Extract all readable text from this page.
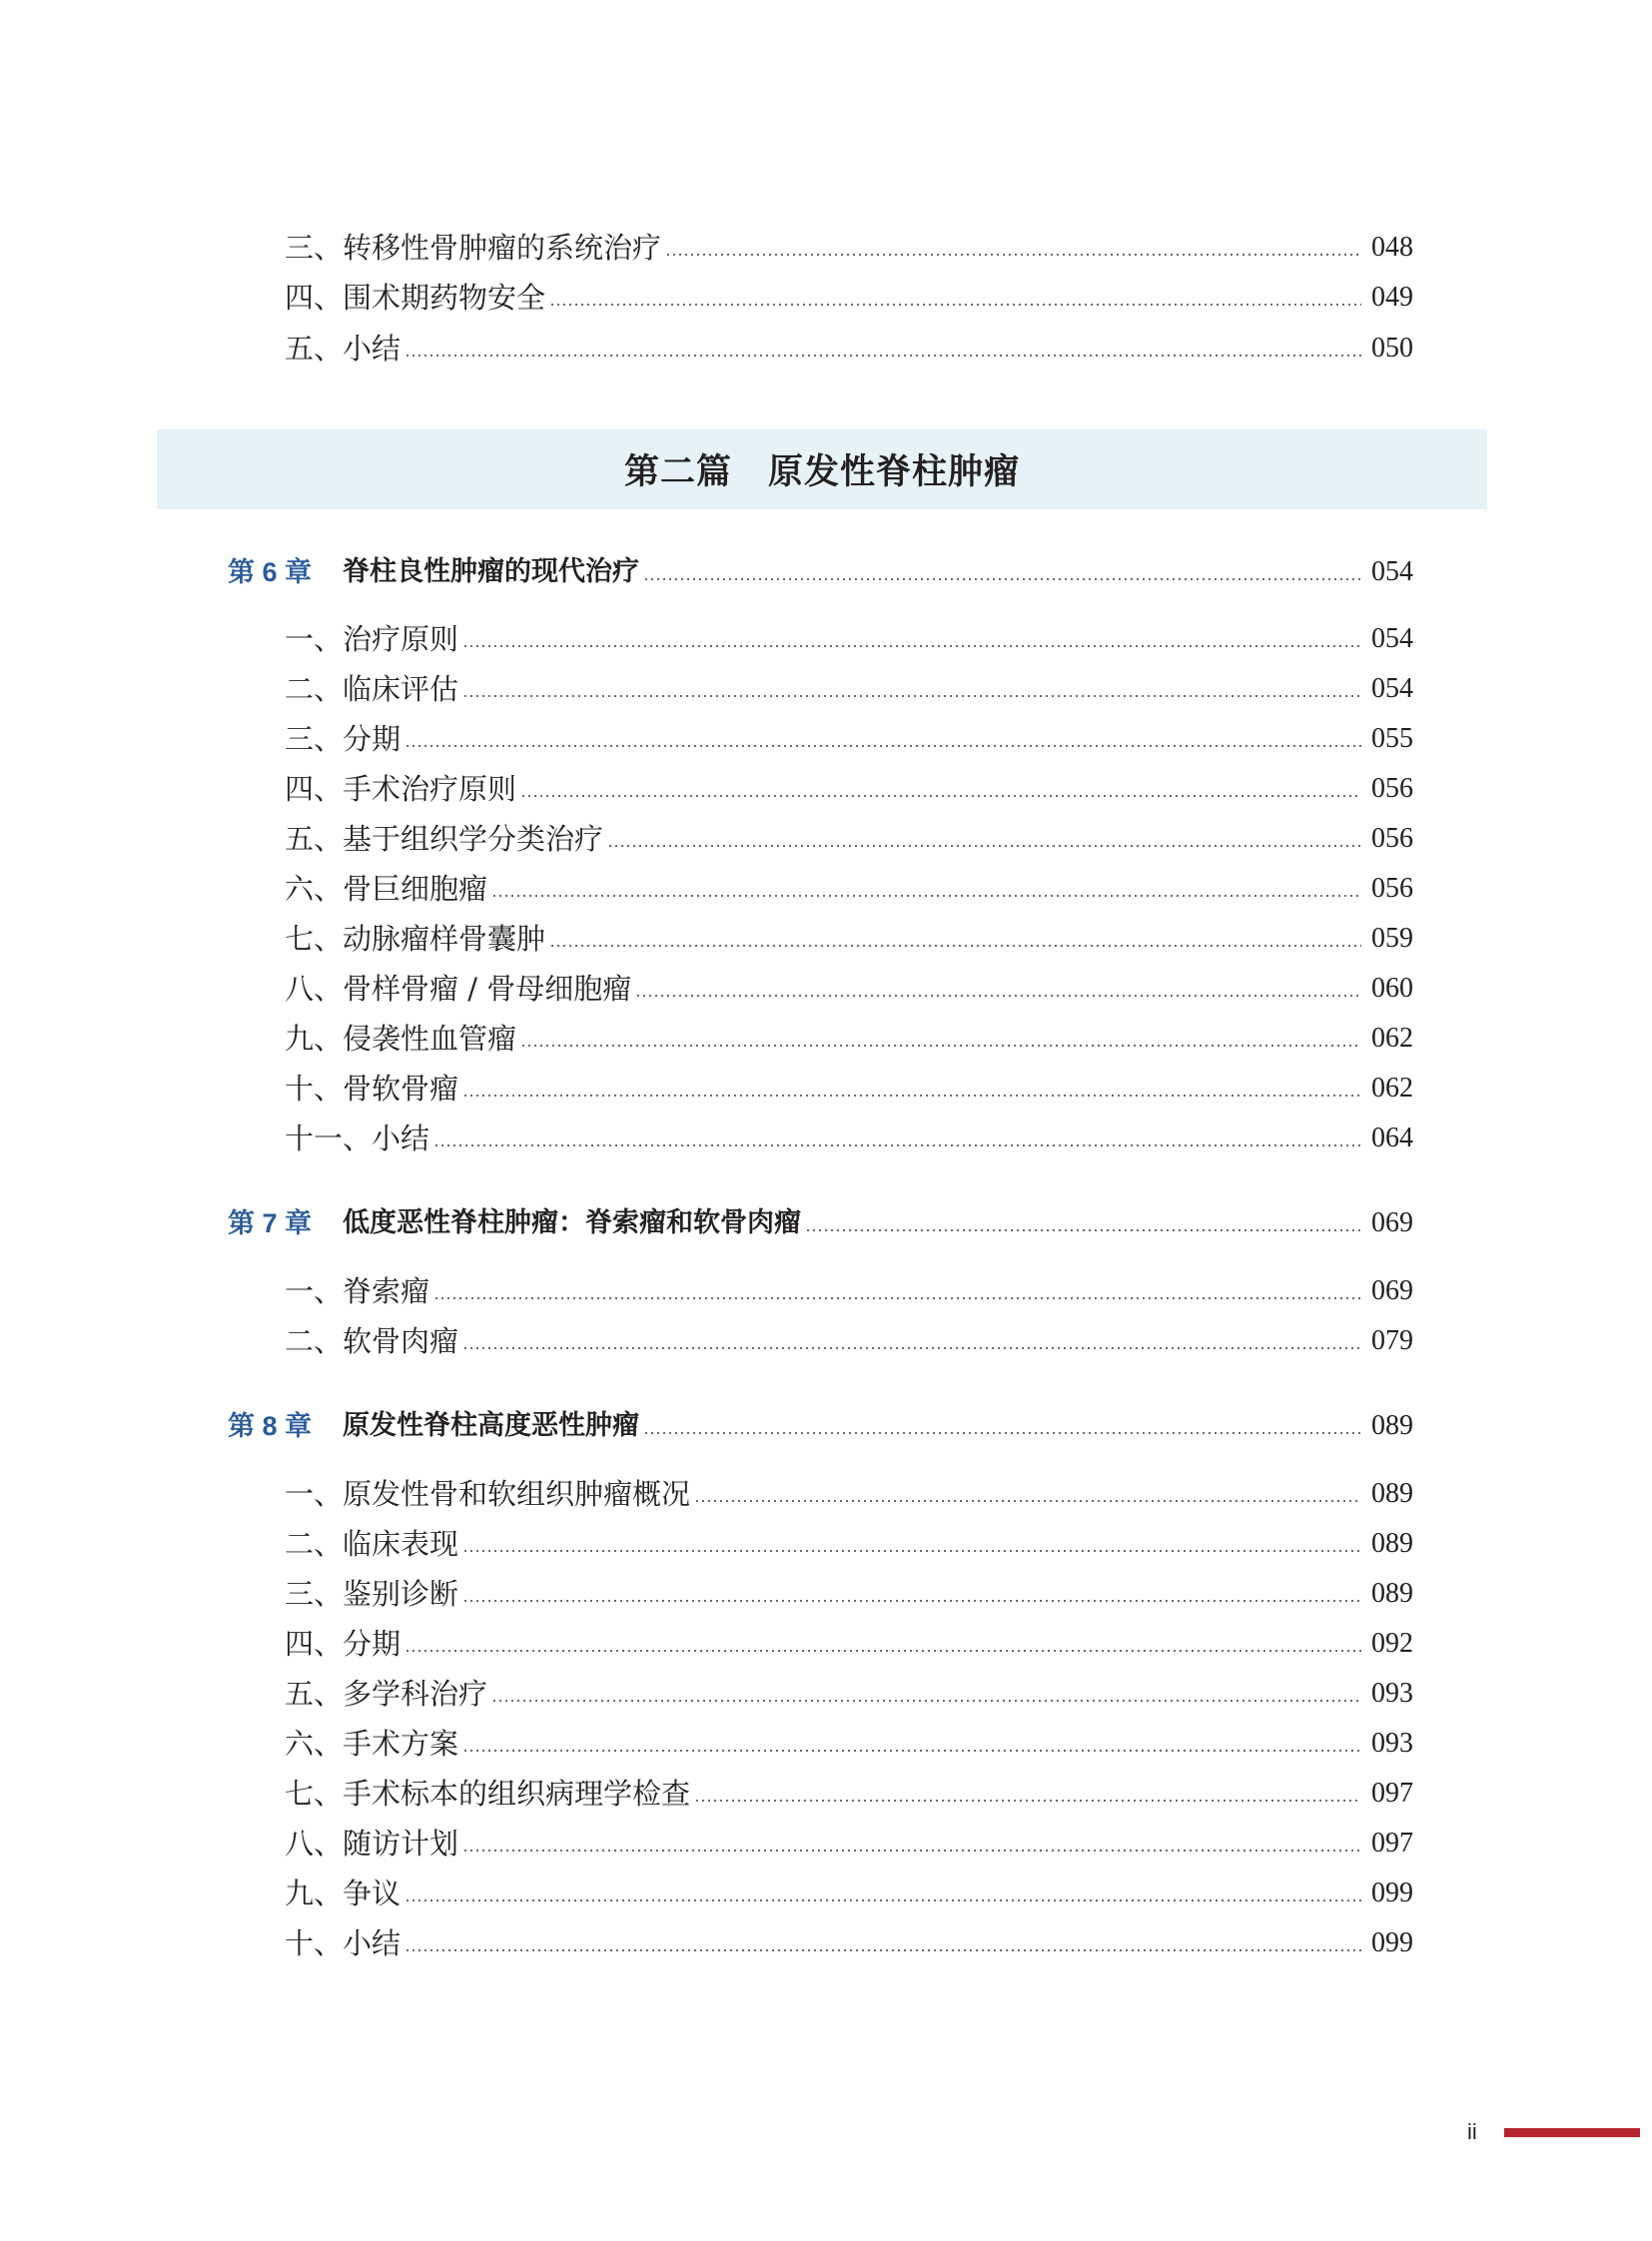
三、转移性骨肿瘤的系统治疗	048
四、围术期药物安全	049
五、小结	050
第二篇　原发性脊柱肿瘤
第 6 章	脊柱良性肿瘤的现代治疗	054
一、治疗原则	054
二、临床评估	054
三、分期	055
四、手术治疗原则	056
五、基于组织学分类治疗	056
六、骨巨细胞瘤	056
七、动脉瘤样骨囊肿	059
八、骨样骨瘤 / 骨母细胞瘤	060
九、侵袭性血管瘤	062
十、骨软骨瘤	062
十一、小结	064
第 7 章	低度恶性脊柱肿瘤：脊索瘤和软骨肉瘤	069
一、脊索瘤	069
二、软骨肉瘤	079
第 8 章	原发性脊柱高度恶性肿瘤	089
一、原发性骨和软组织肿瘤概况	089
二、临床表现	089
三、鉴别诊断	089
四、分期	092
五、多学科治疗	093
六、手术方案	093
七、手术标本的组织病理学检查	097
八、随访计划	097
九、争议	099
十、小结	099
ii
